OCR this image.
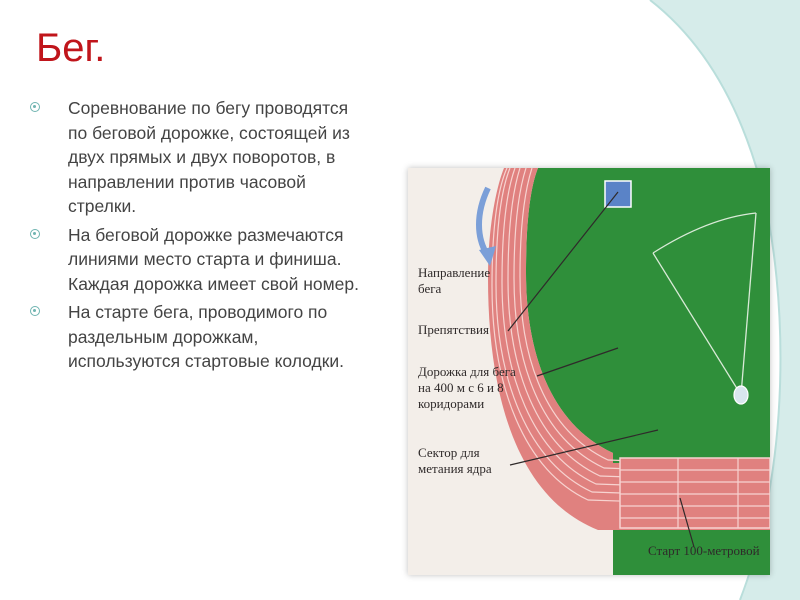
Бег.
Соревнование по бегу проводятся по беговой дорожке, состоящей из двух прямых и двух поворотов, в направлении против часовой стрелки.
На беговой дорожке размечаются линиями место старта и финиша. Каждая дорожка имеет свой номер.
На старте бега, проводимого по раздельным дорожкам, используются стартовые колодки.

Направление
бега

Препятствия

Дорожка для бега
на 400 м с 6 и 8
коридорами

Сектор для
метания ядра

Старт 100-метровой
